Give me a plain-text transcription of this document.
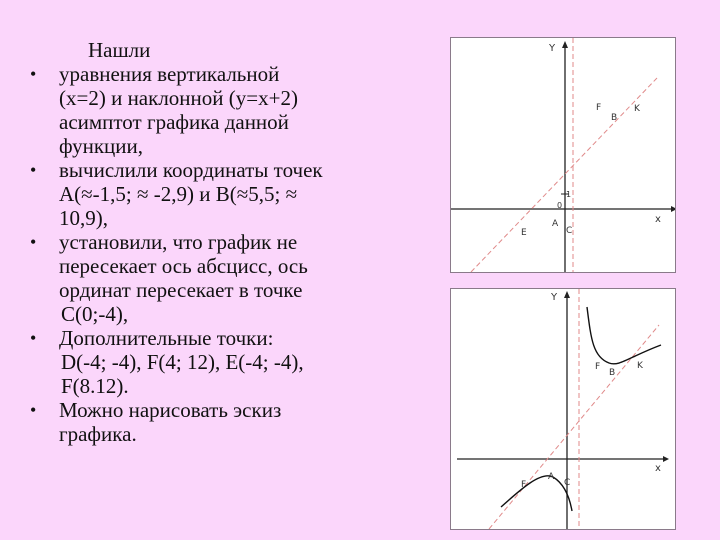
Нашли
• уравнения вертикальной
(x=2) и наклонной (y=x+2)
асимптот графика данной
функции,
• вычислили координаты точек
A(≈-1,5; ≈ -2,9) и B(≈5,5; ≈
10,9),
• установили, что график не
пересекает ось абсцисс, ось
ординат пересекает в точке
C(0;-4),
• Дополнительные точки:
D(-4; -4), F(4; 12), E(-4; -4),
F(8.12).
• Можно нарисовать эскиз
графика.
Y
x
F
B
K
1
0
A
C
E
Y
x
F
B
K
A
C
F
